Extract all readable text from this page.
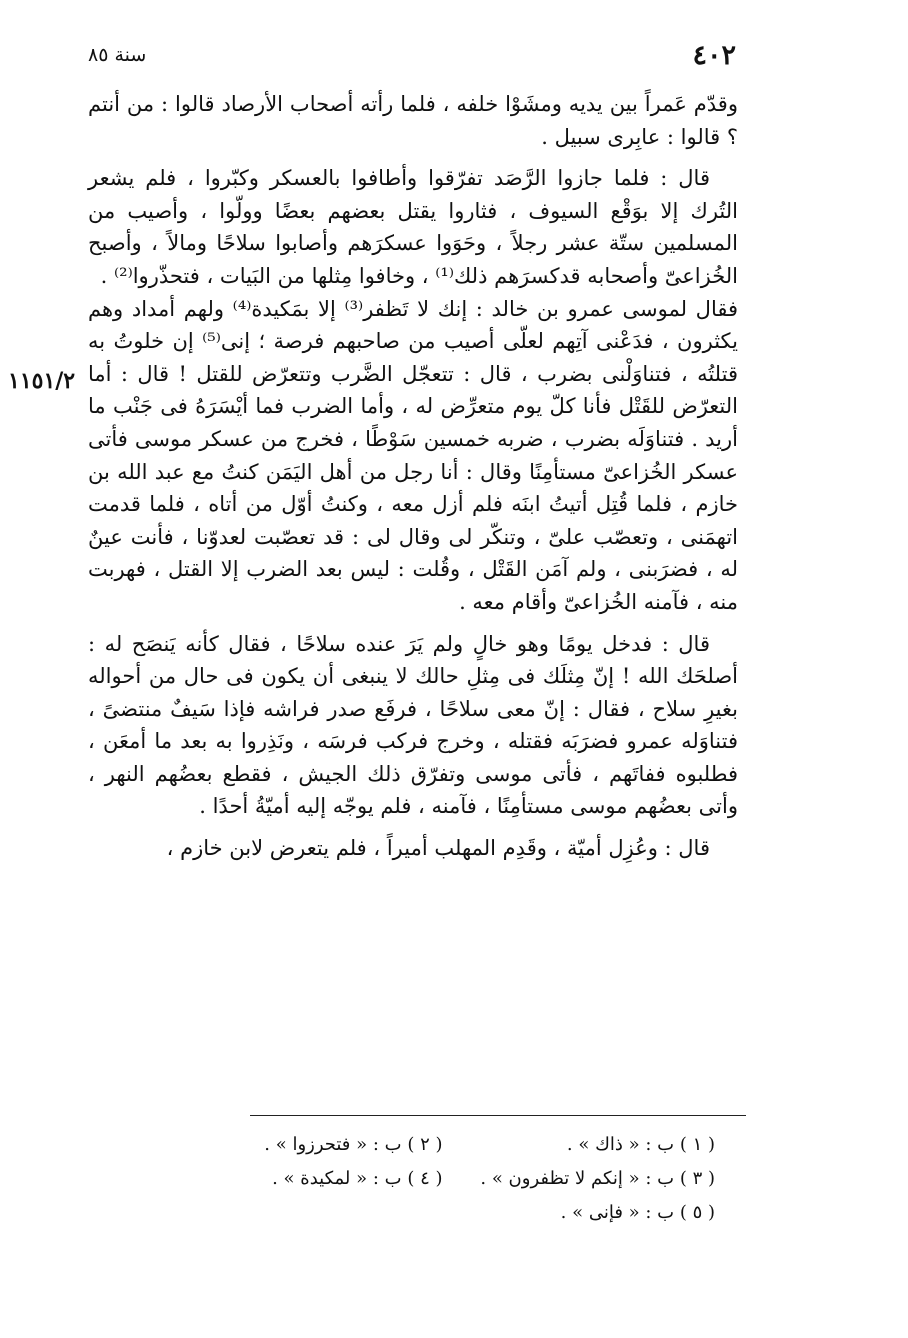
٤٠٢
سنة ٨٥
١١٥١/٢

وقدّم عَمراً بين يديه ومشَوْا خلفه ، فلما رأته أصحاب الأرصاد قالوا : من أنتم ؟ قالوا : عابِرى سبيل .

قال : فلما جازوا الرَّصَد تفرّقوا وأطافوا بالعسكر وكبّروا ، فلم يشعر التُرك إلا بوَقْع السيوف ، فثاروا يقتل بعضهم بعضًا وولّوا ، وأصيب من المسلمين ستّة عشر رجلاً ، وحَوَوا عسكرَهم وأصابوا سلاحًا ومالاً ، وأصبح الخُزاعىّ وأصحابه قدكسرَهم ذلك⁽¹⁾ ، وخافوا مِثلها من البَيات ، فتحذّروا⁽²⁾ .

فقال لموسى عمرو بن خالد : إنك لا تَظفر⁽³⁾ إلا بمَكيدة⁽⁴⁾ ولهم أمداد وهم يكثرون ، فدَعْنى آتِهم لعلّى أصيب من صاحبهم فرصة ؛ إنى⁽⁵⁾ إن خلوتُ به قتلتُه ، فتناوَلْنى بضرب ، قال : تتعجّل الضَّرب وتتعرّض للقتل ! قال : أما التعرّض للقَتْل فأنا كلّ يوم متعرِّض له ، وأما الضرب فما أيْسَرَهُ فى جَنْب ما أريد . فتناوَلَه بضرب ، ضربه خمسين سَوْطًا ، فخرج من عسكر موسى فأتى عسكر الخُزاعىّ مستأمِنًا وقال : أنا رجل من أهل اليَمَن كنتُ مع عبد الله بن خازم ، فلما قُتِل أتيتُ ابنَه فلم أزل معه ، وكنتُ أوّل من أتاه ، فلما قدمت اتهمَنى ، وتعصّب علىّ ، وتنكّر لى وقال لى : قد تعصّبت لعدوّنا ، فأنت عينٌ له ، فضرَبنى ، ولم آمَن القَتْل ، وقُلت : ليس بعد الضرب إلا القتل ، فهربت منه ، فآمنه الخُزاعىّ وأقام معه .

قال : فدخل يومًا وهو خالٍ ولم يَرَ عنده سلاحًا ، فقال كأنه يَنصَح له : أصلحَك الله ! إنّ مِثلَك فى مِثلِ حالك لا ينبغى أن يكون فى حال من أحواله بغيرِ سلاح ، فقال : إنّ معى سلاحًا ، فرفَع صدر فراشه فإذا سَيفٌ منتضىً ، فتناوَله عمرو فضرَبَه فقتله ، وخرج فركب فرسَه ، ونَذِروا به بعد ما أمعَن ، فطلبوه ففاتَهم ، فأتى موسى وتفرّق ذلك الجيش ، فقطع بعضُهم النهر ، وأتى بعضُهم موسى مستأمِنًا ، فآمنه ، فلم يوجّه إليه أميّةُ أحدًا .

قال : وعُزِل أميّة ، وقَدِم المهلب أميراً ، فلم يتعرض لابن خازم ،

( ١ ) ب : « ذاك » .
( ٢ ) ب : « فتحرزوا » .
( ٣ ) ب : « إنكم لا تظفرون » .
( ٤ ) ب : « لمكيدة » .
( ٥ ) ب : « فإنى » .
